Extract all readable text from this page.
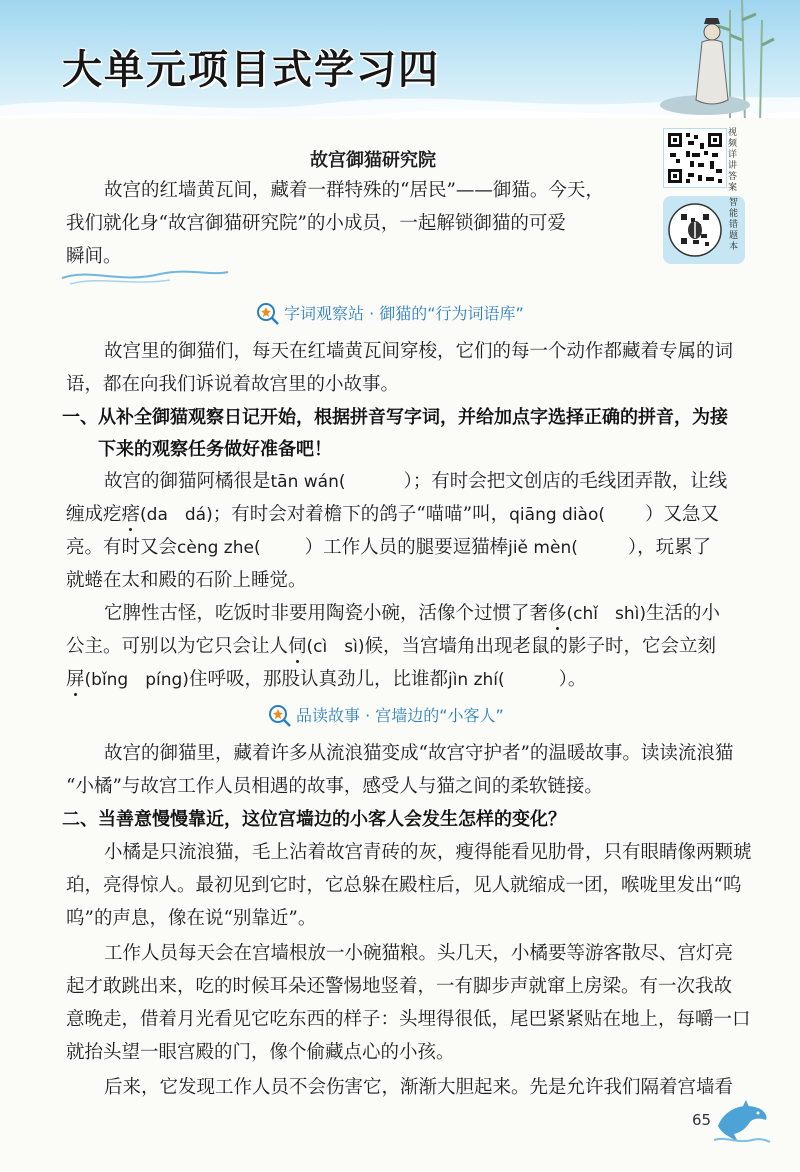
大单元项目式学习四
视频详讲答案
智能错题本
故宫御猫研究院
故宫的红墙黄瓦间，藏着一群特殊的“居民”——御猫。今天，
我们就化身“故宫御猫研究院”的小成员，一起解锁御猫的可爱
瞬间。
字词观察站 · 御猫的“行为词语库”
故宫里的御猫们，每天在红墙黄瓦间穿梭，它们的每一个动作都藏着专属的词
语，都在向我们诉说着故宫里的小故事。
一、从补全御猫观察日记开始，根据拼音写字词，并给加点字选择正确的拼音，为接
下来的观察任务做好准备吧！
故宫的御猫阿橘很是tān wán(	）；有时会把文创店的毛线团弄散，让线
缠成疙瘩(da　dá)；有时会对着檐下的鸽子“喵喵”叫，qiāng diào( ）又急又
亮。有时又会cèng zhe( ）工作人员的腿要逗猫棒jiě mèn(	），玩累了
就蜷在太和殿的石阶上睡觉。
它脾性古怪，吃饭时非要用陶瓷小碗，活像个过惯了奢侈(chǐ　shì)生活的小
公主。可别以为它只会让人伺(cì　sì)候，当宫墙角出现老鼠的影子时，它会立刻
屏(bǐng　píng)住呼吸，那股认真劲儿，比谁都jìn zhí(	）。
品读故事 · 宫墙边的“小客人”
故宫的御猫里，藏着许多从流浪猫变成“故宫守护者”的温暖故事。读读流浪猫
“小橘”与故宫工作人员相遇的故事，感受人与猫之间的柔软链接。
二、当善意慢慢靠近，这位宫墙边的小客人会发生怎样的变化？
小橘是只流浪猫，毛上沾着故宫青砖的灰，瘦得能看见肋骨，只有眼睛像两颗琥
珀，亮得惊人。最初见到它时，它总躲在殿柱后，见人就缩成一团，喉咙里发出“呜
呜”的声息，像在说“别靠近”。
工作人员每天会在宫墙根放一小碗猫粮。头几天，小橘要等游客散尽、宫灯亮
起才敢跳出来，吃的时候耳朵还警惕地竖着，一有脚步声就窜上房梁。有一次我故
意晚走，借着月光看见它吃东西的样子：头埋得很低，尾巴紧紧贴在地上，每嚼一口
就抬头望一眼宫殿的门，像个偷藏点心的小孩。
后来，它发现工作人员不会伤害它，渐渐大胆起来。先是允许我们隔着宫墙看
65
